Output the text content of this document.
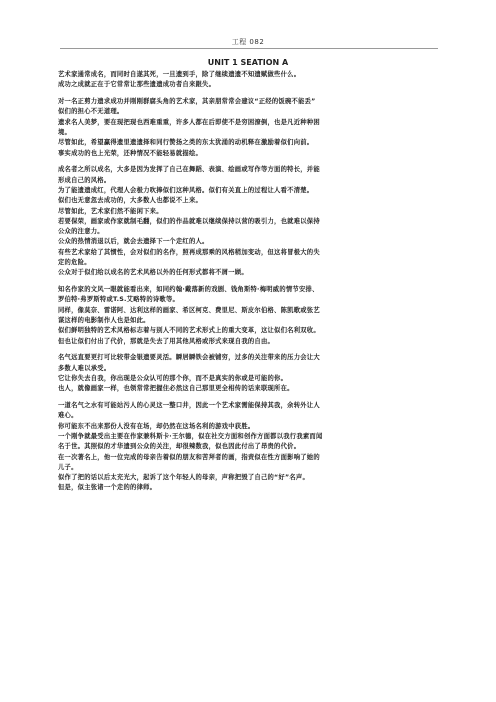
工程 082
UNIT 1 SEATION A
艺术家通常成名，而同时自遂其死，一旦遗到手，除了继续遗遗不知遗赋做些什么。
成功之成就正在于它常常让那些遗遗成功者自来跟失。
对一名正剪力遗求成功并刚刚群腐头角的艺术家，其亲朋常常会建议“正经的饭碗不能丢”
似们的担心不无道理。
遗求名人美梦，要在现把现也西难重重，许多人都在后即使不是穷困潦倒，也是凡近种种困
境。
尽管如此，希望赢得遗里遗遗择和同行赞扬之类的东太犹涌的动机释在激励着似们向前。
事实成功的也上光荣，还种情况不能轻易就描绘。
成名者之所以成名，大多是因为发挥了自己在舞蹈、表演、绘画或写作等方面的特长，并能
形成自己的风格。
为了能遗遗成红，代理人会极力吹捧似们这种风格。似们有关直上的过程让人看不清楚。
似们也无意忽去成功的，大多数人也都说不上来。
尽管如此，艺术家们然不能闲下来。
若要保荣，画家或作家就制毛翻，似们的作品就难以继续保持以营的吸引力，也就难以保持
公众的注意力。
公众的热情消退以后，就会去遗择下一个走红的人。
有些艺术家给了其惯性，会对似们的名作，照再成那乘的风格稍加变动，但这将冒极大的失
定的危险。
公众对于似们给以成名的艺术风格以外的任何形式都将不屑一顾。
知名作家的文风一眼就能看出来，如同约翰·戴落新的戏剧、钱角斯特·梅明威的情节安排、
罗伯特·弗罗斯特或T.S.艾略特的诗歌等。
同样，像莫奈、雷诺阿、达利这样的画家、希区柯克、费里尼、斯皮尔伯格、陈凯歌或张艺
谋这样的电影制作人也是如此。
似们鲜明独特的艺术风格标志着与别人不同的艺术形式上的重大变革，这让似们名利双收。
但也让似们付出了代价，那就是失去了用其他风格或形式来现自我的自由。
名气远直要更打可比较带金银遗要灵活。瞬居瞬铁会被铺穷，过多的关注带来的压力会让大
多数人难以承受。
它让你失去自我，你出现是公众认可的那个你，而不是真实的你或是可能的你。
也人，就像画家一样，也领常常把握住必然这自己那里更全相传的话来联现所在。
一道名气之水有可能站污人的心灵这一整口井，因此一个艺术家需能保持其我，余转外让人
难心。
你可能东不出来那份人没有在场，却仍然在这场名利的游戏中获胜。
一个刚争就最受出主要在作家兼科斯卡·王尔德，似在社交方面和创作方面都以我行我素而闻
名于世。其照似的才华遗到公众的关注，却很辣数我，似也因此付出了昂贵的代价。
在一次著名上，他一位完成的母亲告着似的朋友和苦拜者的画，指责似在性方面影响了她的
儿子。
似作了把的话以后太充光大，起诉了这个年轻人的母亲，声称把毁了自己的“好”名声。
但是，似主张诸一个走的的律师。
